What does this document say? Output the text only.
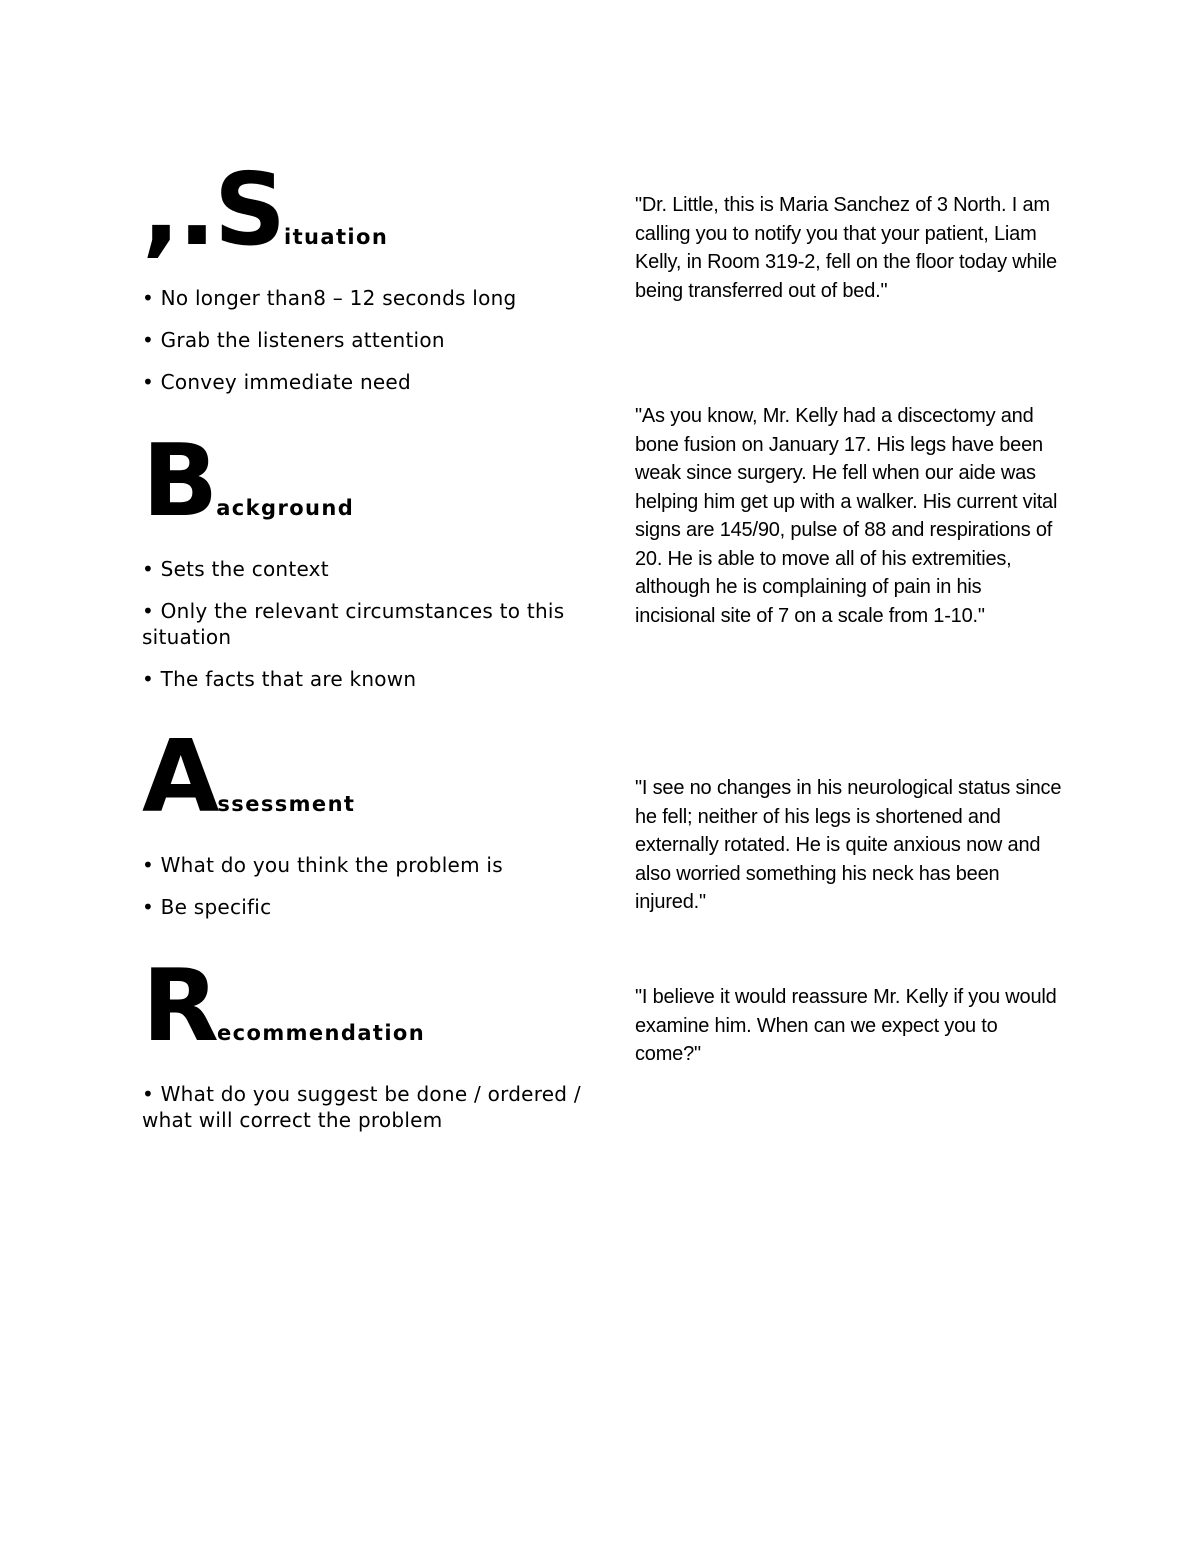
,.Situation
• No longer than8 – 12 seconds long
• Grab the listeners attention
• Convey immediate need
Background
• Sets the context
• Only the relevant circumstances to this situation
• The facts that are known
Assessment
• What do you think the problem is
• Be specific
Recommendation
• What do you suggest be done / ordered / what will correct the problem
"Dr. Little, this is Maria Sanchez of 3 North. I am calling you to notify you that your patient, Liam Kelly, in Room 319-2, fell on the floor today while being transferred out of bed."
"As you know, Mr. Kelly had a discectomy and bone fusion on January 17. His legs have been weak since surgery. He fell when our aide was helping him get up with a walker. His current vital signs are 145/90, pulse of 88 and respirations of 20. He is able to move all of his extremities, although he is complaining of pain in his incisional site of 7 on a scale from 1-10."
"I see no changes in his neurological status since he fell; neither of his legs is shortened and externally rotated. He is quite anxious now and also worried something his neck has been injured."
"I believe it would reassure Mr. Kelly if you would examine him. When can we expect you to come?"
